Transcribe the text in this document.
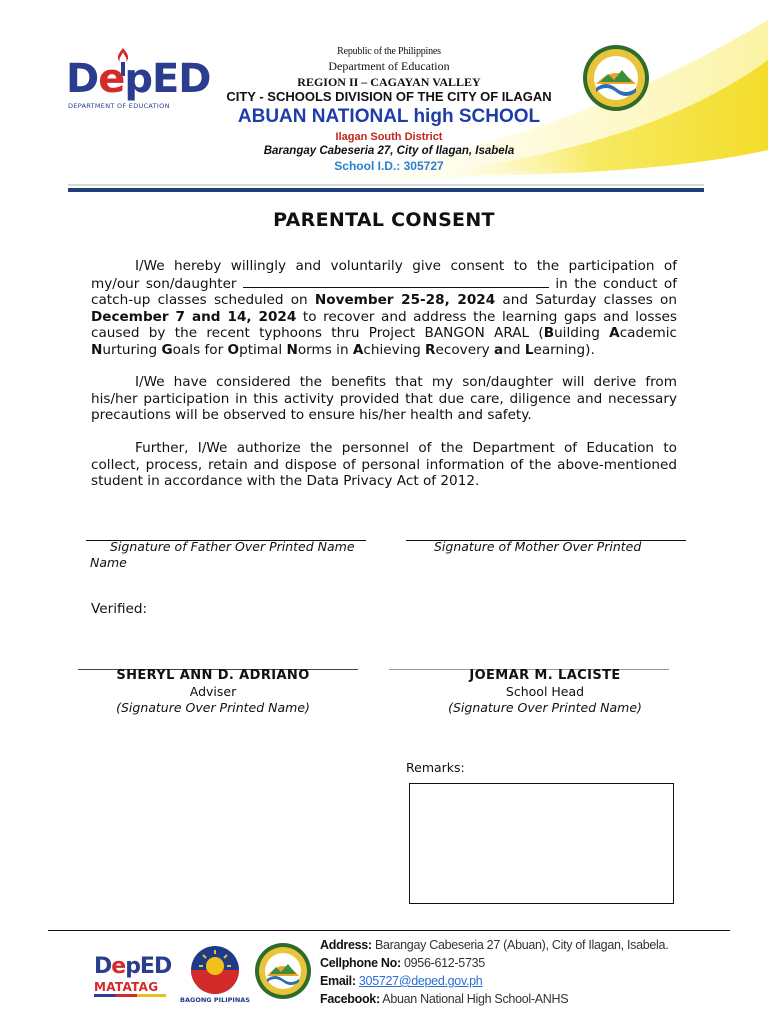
DepED
DEPARTMENT OF EDUCATION
Republic of the Philippines
Department of Education
REGION II – CAGAYAN VALLEY
CITY - SCHOOLS DIVISION OF THE CITY OF ILAGAN
ABUAN NATIONAL high SCHOOL
Ilagan South District
Barangay Cabeseria 27, City of Ilagan, Isabela
School I.D.: 305727
PARENTAL CONSENT

I/We hereby willingly and voluntarily give consent to the participation of my/our son/daughter	in the conduct of catch-up classes scheduled on November 25-28, 2024 and Saturday classes on December 7 and 14, 2024 to recover and address the learning gaps and losses caused by the recent typhoons thru Project BANGON ARAL (Building Academic Nurturing Goals for Optimal Norms in Achieving Recovery and Learning).

I/We have considered the benefits that my son/daughter will derive from his/her participation in this activity provided that due care, diligence and necessary precautions will be observed to ensure his/her health and safety.

Further, I/We authorize the personnel of the Department of Education to collect, process, retain and dispose of personal information of the above-mentioned student in accordance with the Data Privacy Act of 2012.

Signature of Father Over Printed Name Name
Signature of Mother Over Printed
Verified:
SHERYL ANN D. ADRIANO
Adviser
(Signature Over Printed Name)
JOEMAR M. LACISTE
School Head
(Signature Over Printed Name)
Remarks:
DepED
MATATAG
BAGONG PILIPINAS
Address: Barangay Cabeseria 27 (Abuan), City of Ilagan, Isabela.
Cellphone No: 0956-612-5735
Email: 305727@deped.gov.ph
Facebook: Abuan National High School-ANHS
